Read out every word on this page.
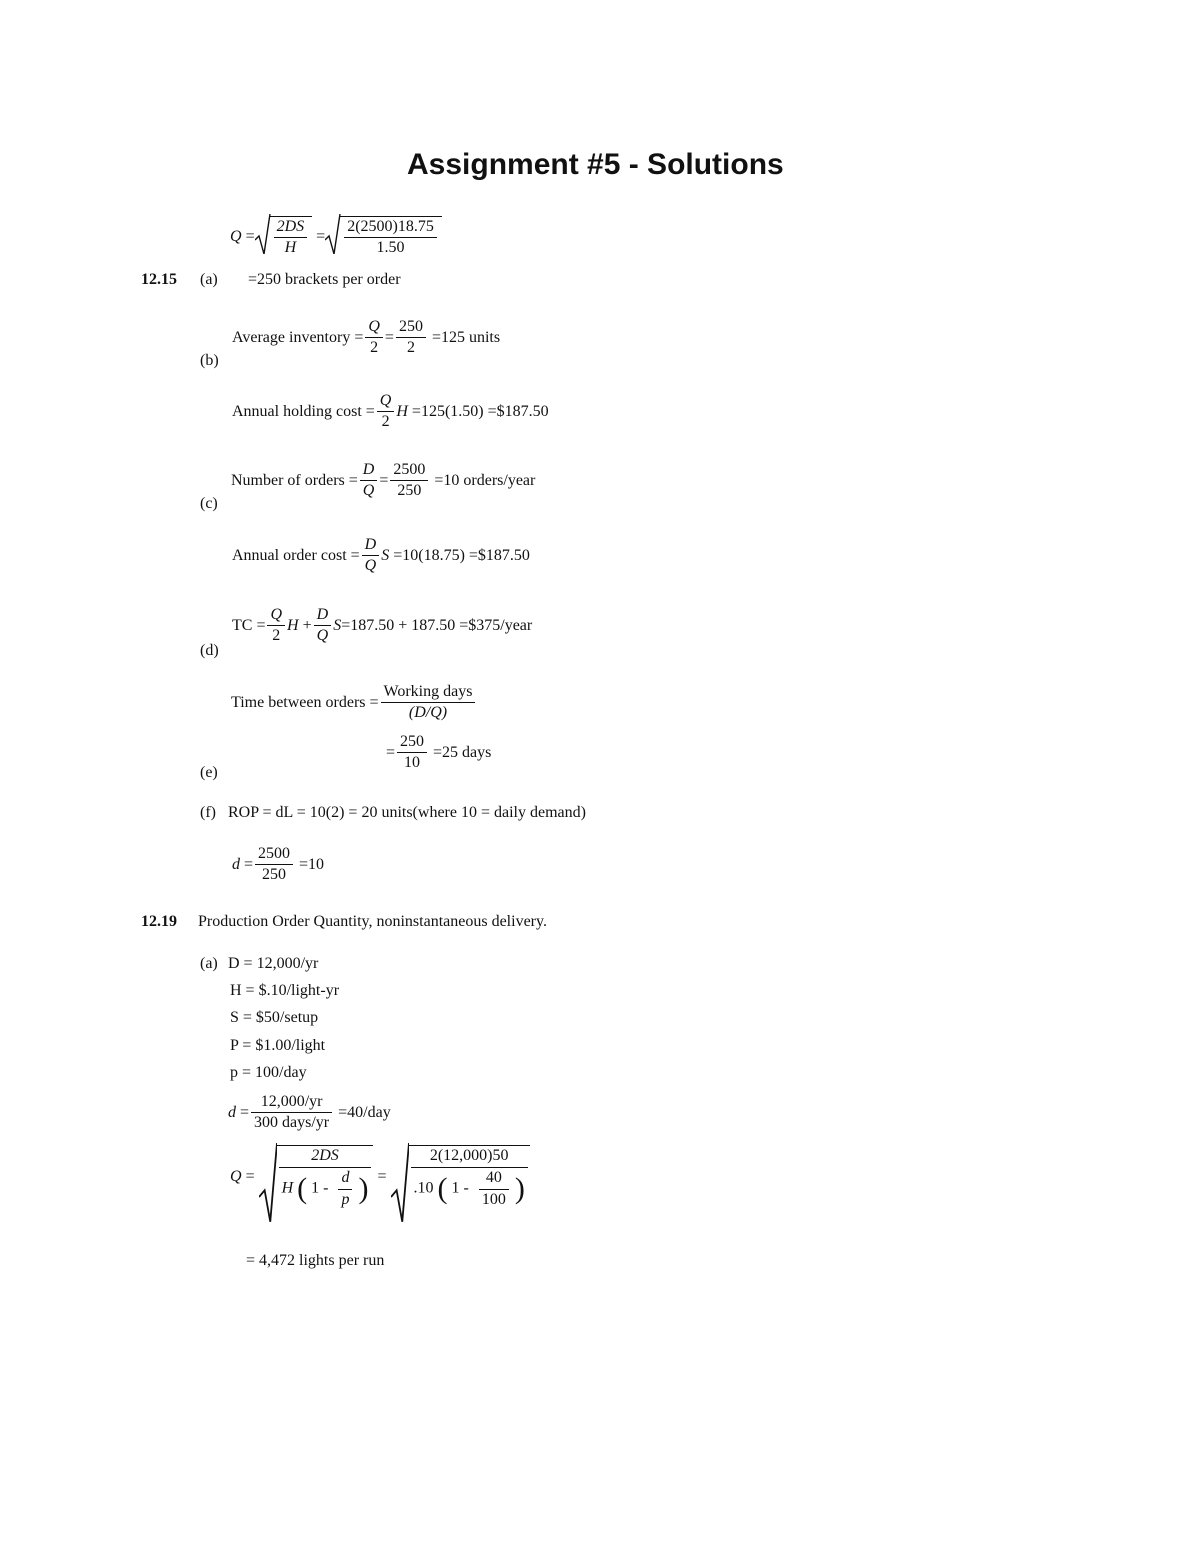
Assignment #5 - Solutions
$Q = \frac{2DS}{H} = \frac{2(2500)18.75}{1.50}$
12.15 (a) =250 brackets per order
(b)
Average inventory = $\frac{Q}{2} = \frac{250}{2}$
=125 units
Annual holding $\cos t = \frac{Q}{2}$ H
=125(1.50) =$187.50
(c)
Number of orders = $\frac{D}{Q} = \frac{2500}{250}$
=10 orders/year
Annual order $\cos t = \frac{D}{Q}$ S
=10(18.75) =$187.50
(d)
TC = $\frac{Q}{2}$ H
+ $\frac{D}{Q}$ S =187.50 + 187.50 =$375/year
Time between orders = $\frac{\text{Working days}}{(D/Q)}$
= $\frac{250}{10}$
=25 days
(e)
(f) ROP = dL = 10(2) = 20 units(where 10 = daily demand)
$d = \frac{2500}{250}$
=10
12.19 Production Order Quantity, noninstantaneous delivery.
(a) D = 12,000/yr
H = $.10/light-yr
S = $50/setup
P = $1.00/light
p = 100/day
$d = \frac{12,000/yr}{\text{300 days/yr}}$
=40/day
$Q = \frac{2DS}{H ( 1 - \frac{d}{p} )} = \frac{2(12,000)50}{.10 ( 1 - \frac{40}{100} )}$
= 4,472 lights per run
